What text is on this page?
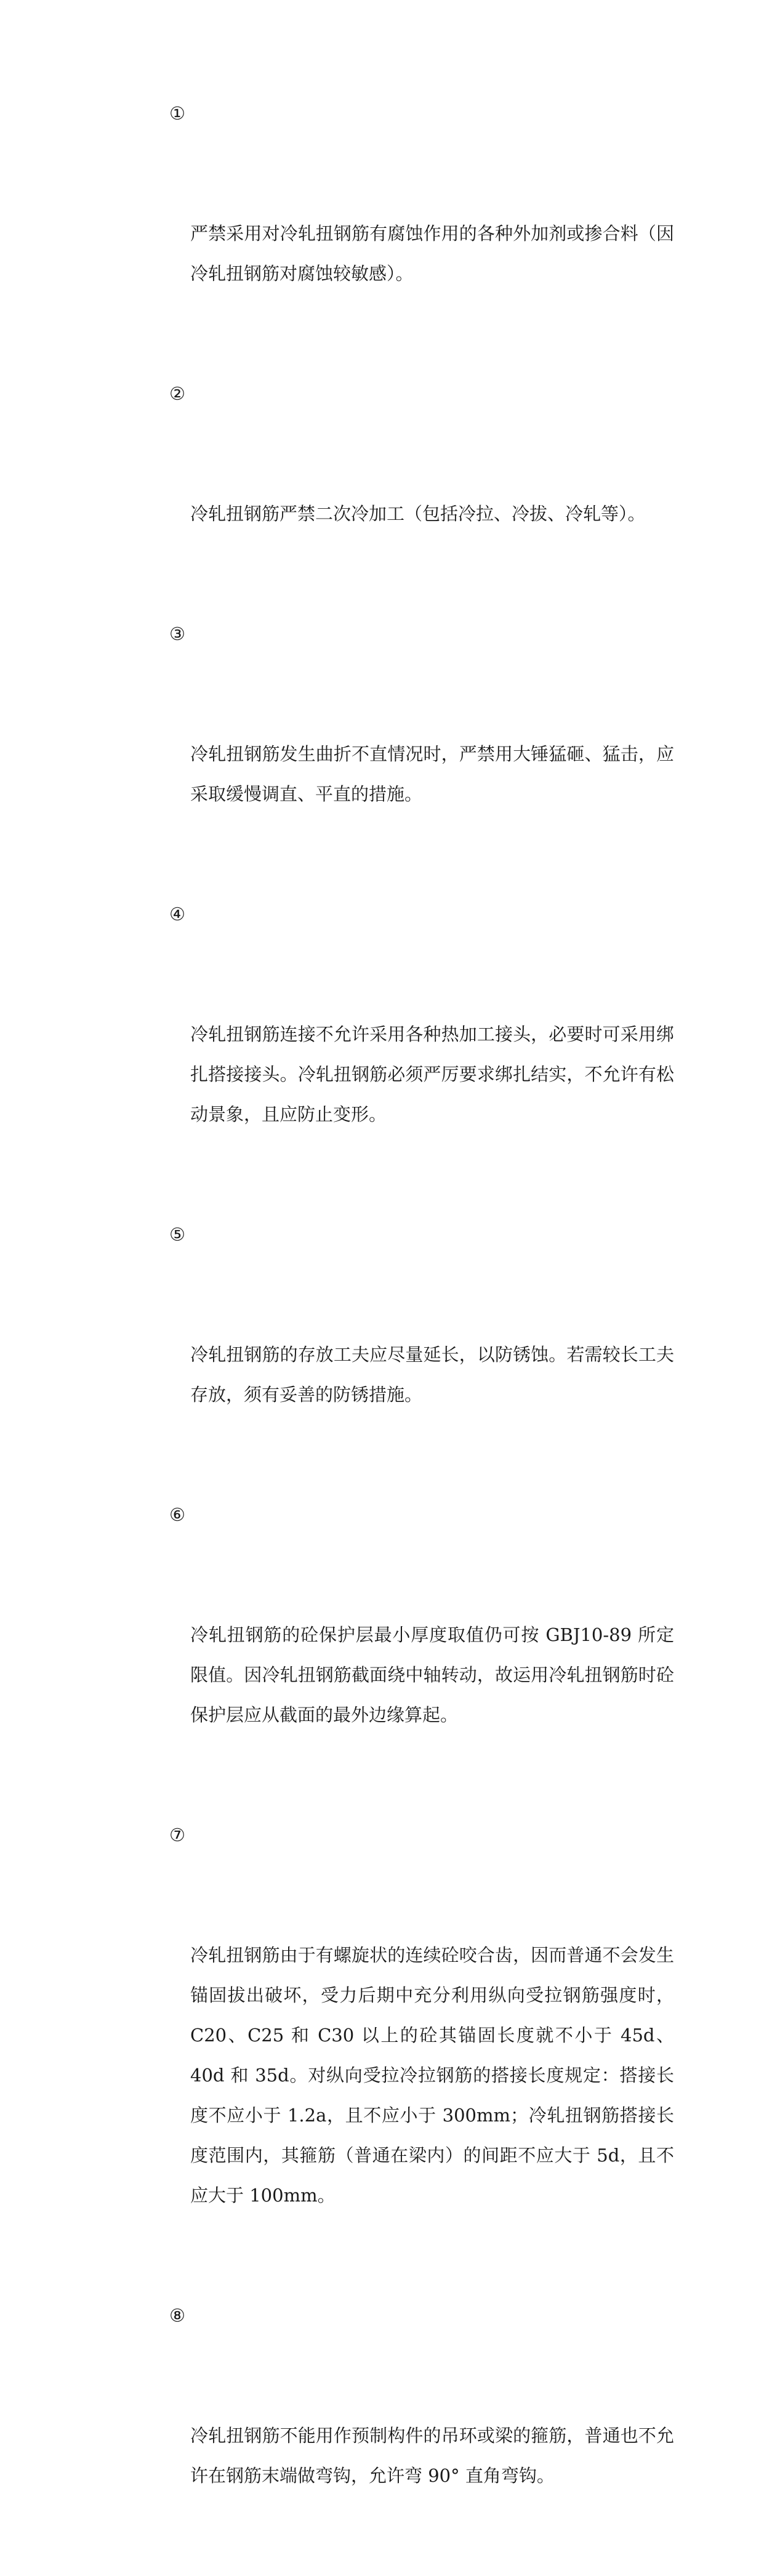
①

严禁采用对冷轧扭钢筋有腐蚀作用的各种外加剂或掺合料（因冷轧扭钢筋对腐蚀较敏感）。

②

冷轧扭钢筋严禁二次冷加工（包括冷拉、冷拔、冷轧等）。

③

冷轧扭钢筋发生曲折不直情况时，严禁用大锤猛砸、猛击，应采取缓慢调直、平直的措施。

④

冷轧扭钢筋连接不允许采用各种热加工接头，必要时可采用绑扎搭接接头。冷轧扭钢筋必须严厉要求绑扎结实，不允许有松动景象，且应防止变形。

⑤

冷轧扭钢筋的存放工夫应尽量延长，以防锈蚀。若需较长工夫存放，须有妥善的防锈措施。

⑥

冷轧扭钢筋的砼保护层最小厚度取值仍可按 GBJ10-89 所定限值。因冷轧扭钢筋截面绕中轴转动，故运用冷轧扭钢筋时砼保护层应从截面的最外边缘算起。

⑦

冷轧扭钢筋由于有螺旋状的连续砼咬合齿，因而普通不会发生锚固拔出破坏，受力后期中充分利用纵向受拉钢筋强度时，C20、C25 和 C30 以上的砼其锚固长度就不小于 45d、40d 和 35d。对纵向受拉冷拉钢筋的搭接长度规定：搭接长度不应小于 1.2a，且不应小于 300mm；冷轧扭钢筋搭接长度范围内，其箍筋（普通在梁内）的间距不应大于 5d，且不应大于 100mm。

⑧

冷轧扭钢筋不能用作预制构件的吊环或梁的箍筋，普通也不允许在钢筋末端做弯钩，允许弯 90° 直角弯钩。
